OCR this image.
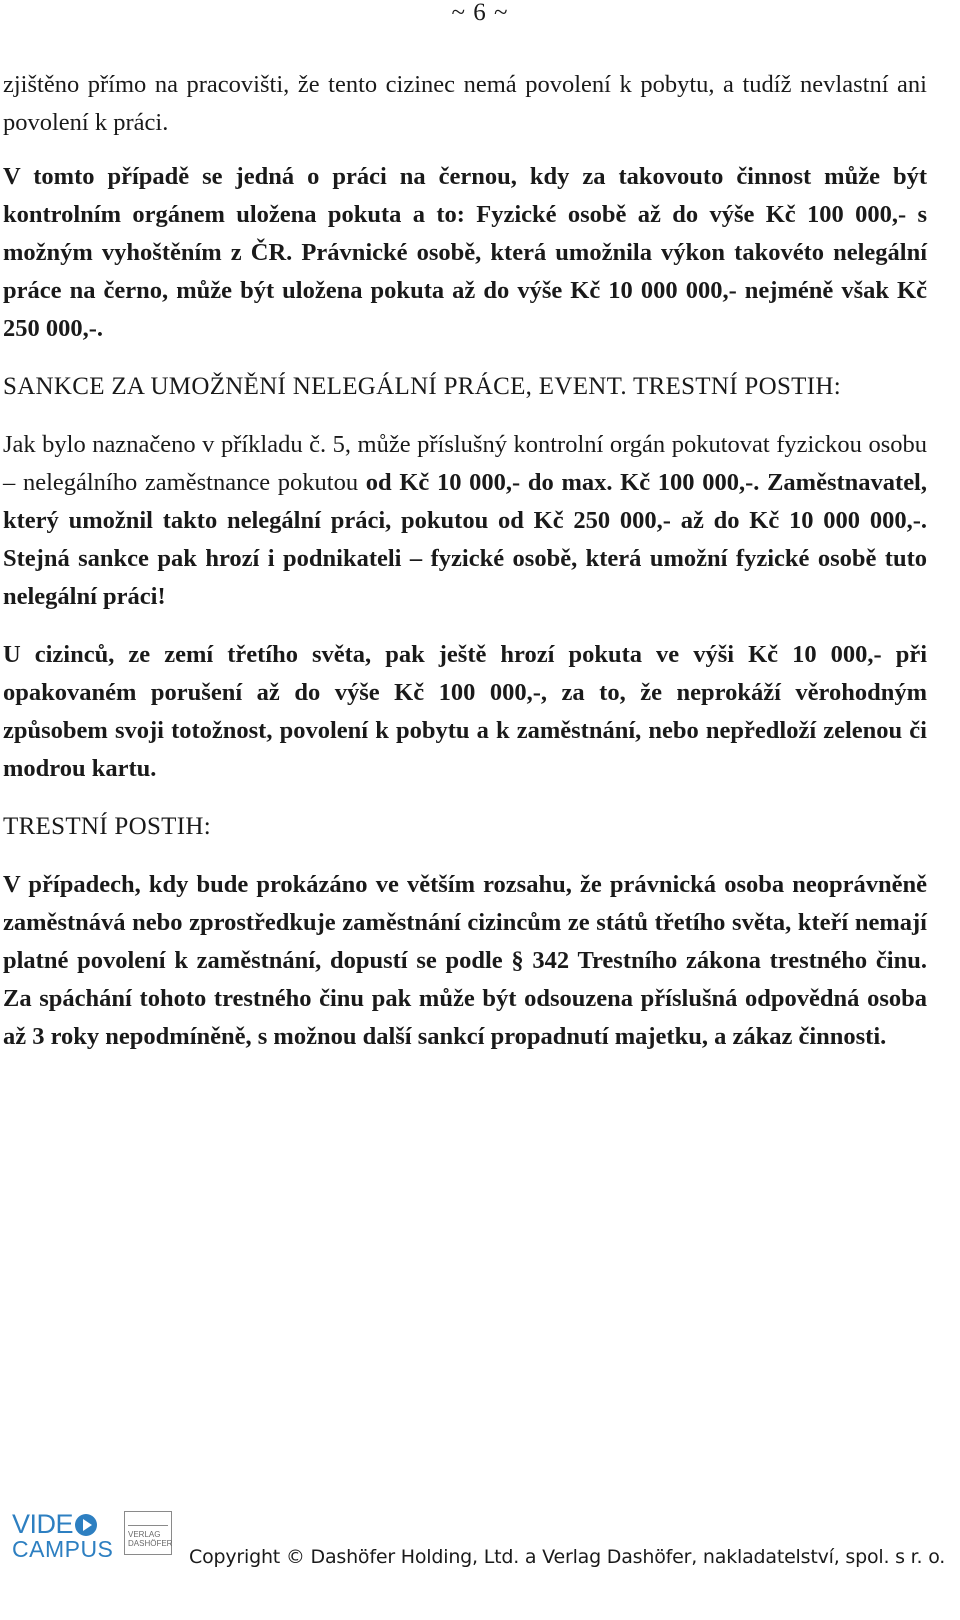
~ 6 ~

zjištěno přímo na pracovišti, že tento cizinec nemá povolení k pobytu, a tudíž nevlastní ani povolení k práci.

V tomto případě se jedná o práci na černou, kdy za takovouto činnost může být kontrolním orgánem uložena pokuta a to: Fyzické osobě až do výše Kč 100 000,- s možným vyhoštěním z ČR. Právnické osobě, která umožnila výkon takovéto nelegální práce na černo, může být uložena pokuta až do výše Kč 10 000 000,- nejméně však Kč 250 000,-.

SANKCE ZA UMOŽNĚNÍ NELEGÁLNÍ PRÁCE, EVENT. TRESTNÍ POSTIH:

Jak bylo naznačeno v příkladu č. 5, může příslušný kontrolní orgán pokutovat fyzickou osobu – nelegálního zaměstnance pokutou od Kč 10 000,- do max. Kč 100 000,-. Zaměstnavatel, který umožnil takto nelegální práci, pokutou od Kč 250 000,- až do Kč 10 000 000,-. Stejná sankce pak hrozí i podnikateli – fyzické osobě, která umožní fyzické osobě tuto nelegální práci!

U cizinců, ze zemí třetího světa, pak ještě hrozí pokuta ve výši Kč 10 000,- při opakovaném porušení až do výše Kč 100 000,-, za to, že neprokáží věrohodným způsobem svoji totožnost, povolení k pobytu a k zaměstnání, nebo nepředloží zelenou či modrou kartu.

TRESTNÍ POSTIH:

V případech, kdy bude prokázáno ve větším rozsahu, že právnická osoba neoprávněně zaměstnává nebo zprostředkuje zaměstnání cizincům ze států třetího světa, kteří nemají platné povolení k zaměstnání, dopustí se podle § 342 Trestního zákona trestného činu. Za spáchání tohoto trestného činu pak může být odsouzena příslušná odpovědná osoba až 3 roky nepodmíněně, s možnou další sankcí propadnutí majetku, a zákaz činnosti.

VIDE
CAMPUS
VERLAG
DASHÖFER
Copyright © Dashöfer Holding, Ltd. a Verlag Dashöfer, nakladatelství, spol. s r. o.
